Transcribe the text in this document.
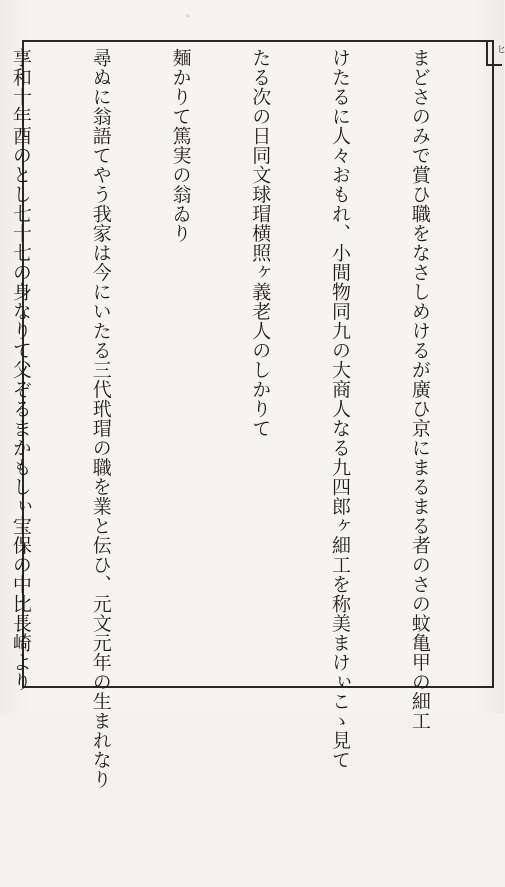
。
ヒ

まどさのみで賞ひ職をなさしめけるが廣ひ京にまるまる者のさの蚊亀甲の細工

けたるに人々おもれ、小間物同九の大商人なる九四郎ヶ細工を称美まけぃこゝ見て

たる次の日同文球瑁横照ヶ義老人のしかりて

麺かりて篤実の翁ゐり

尋ぬに翁語てやう我家は今にいたる三代玳瑁の職を業と伝ひ、元文元年の生まれなり

享和十年酉のとし七十七の身なりて父ぞるまかもしぃ宝保の中比長崎より
